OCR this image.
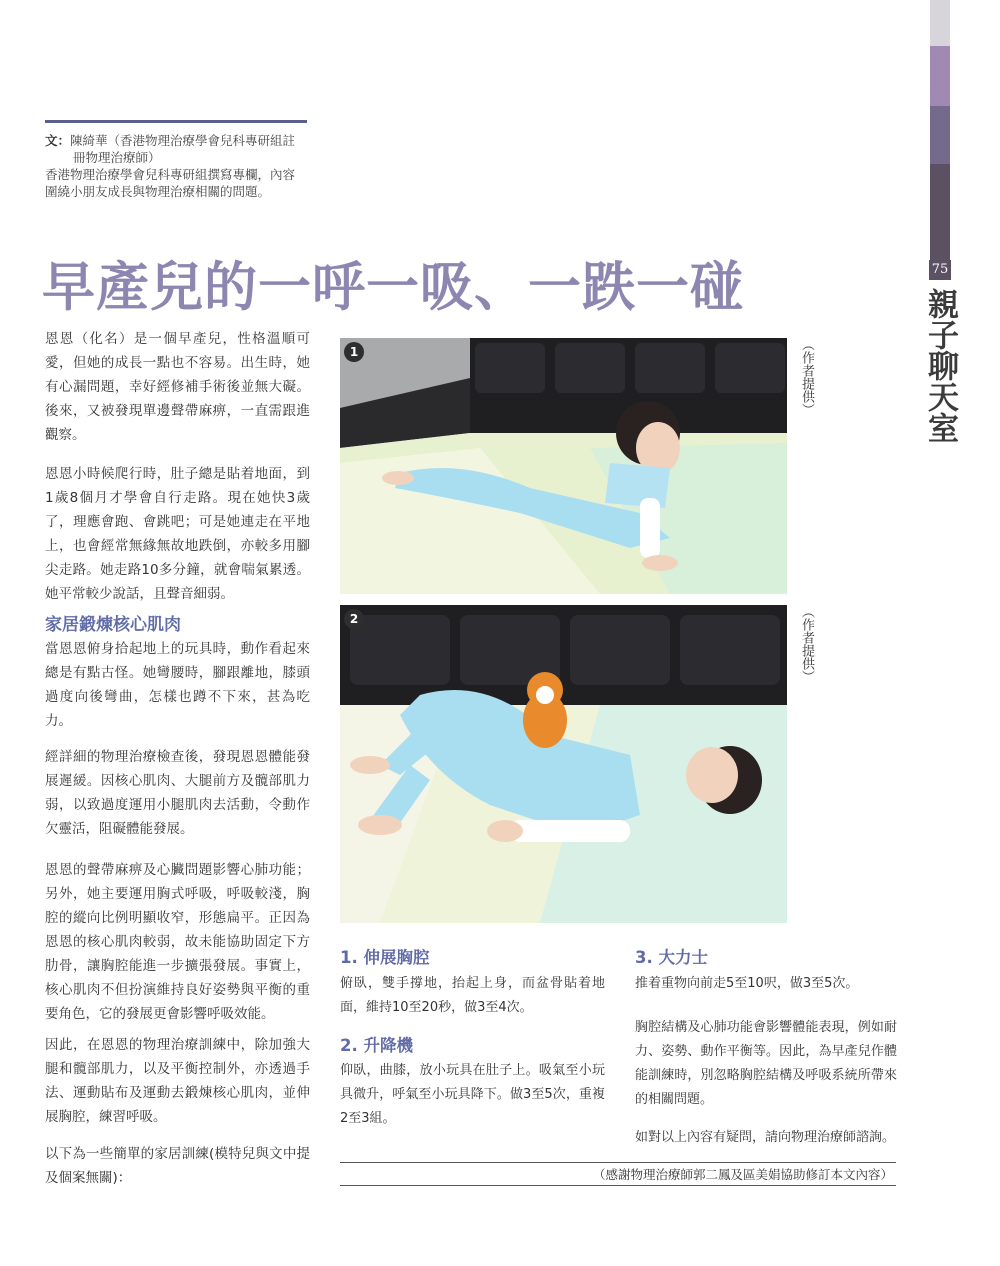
75
親子聊天室
文：陳綺華（香港物理治療學會兒科專研組註
冊物理治療師）
香港物理治療學會兒科專研組撰寫專欄，內容
圍繞小朋友成長與物理治療相關的問題。
早產兒的一呼一吸、一跌一碰

恩恩（化名）是一個早產兒，性格溫順可愛，但她的成長一點也不容易。出生時，她有心漏問題，幸好經修補手術後並無大礙。後來，又被發現單邊聲帶麻痹，一直需跟進觀察。

恩恩小時候爬行時，肚子總是貼着地面，到1歲8個月才學會自行走路。現在她快3歲了，理應會跑、會跳吧；可是她連走在平地上，也會經常無緣無故地跌倒，亦較多用腳尖走路。她走路10多分鐘，就會喘氣累透。她平常較少說話，且聲音細弱。

家居鍛煉核心肌肉

當恩恩俯身拾起地上的玩具時，動作看起來總是有點古怪。她彎腰時，腳跟離地，膝頭過度向後彎曲，怎樣也蹲不下來，甚為吃力。

經詳細的物理治療檢查後，發現恩恩體能發展遲緩。因核心肌肉、大腿前方及髖部肌力弱，以致過度運用小腿肌肉去活動，令動作欠靈活，阻礙體能發展。

恩恩的聲帶麻痹及心臟問題影響心肺功能；另外，她主要運用胸式呼吸，呼吸較淺，胸腔的縱向比例明顯收窄，形態扁平。正因為恩恩的核心肌肉較弱，故未能協助固定下方肋骨，讓胸腔能進一步擴張發展。事實上，核心肌肉不但扮演維持良好姿勢與平衡的重要角色，它的發展更會影響呼吸效能。

因此，在恩恩的物理治療訓練中，除加強大腿和髖部肌力，以及平衡控制外，亦透過手法、運動貼布及運動去鍛煉核心肌肉，並伸展胸腔，練習呼吸。

以下為一些簡單的家居訓練(模特兒與文中提及個案無關)：

1	（作者提供）
2	（作者提供）
1. 伸展胸腔

俯臥，雙手撐地，抬起上身，而盆骨貼着地面，維持10至20秒，做3至4次。

2. 升降機

仰臥，曲膝，放小玩具在肚子上。吸氣至小玩具微升，呼氣至小玩具降下。做3至5次，重複2至3組。

3. 大力士

推着重物向前走5至10呎，做3至5次。

胸腔結構及心肺功能會影響體能表現，例如耐力、姿勢、動作平衡等。因此，為早產兒作體能訓練時，別忽略胸腔結構及呼吸系統所帶來的相關問題。

如對以上內容有疑問，請向物理治療師諮詢。

（感謝物理治療師郭二鳳及區美娟協助修訂本文內容）
